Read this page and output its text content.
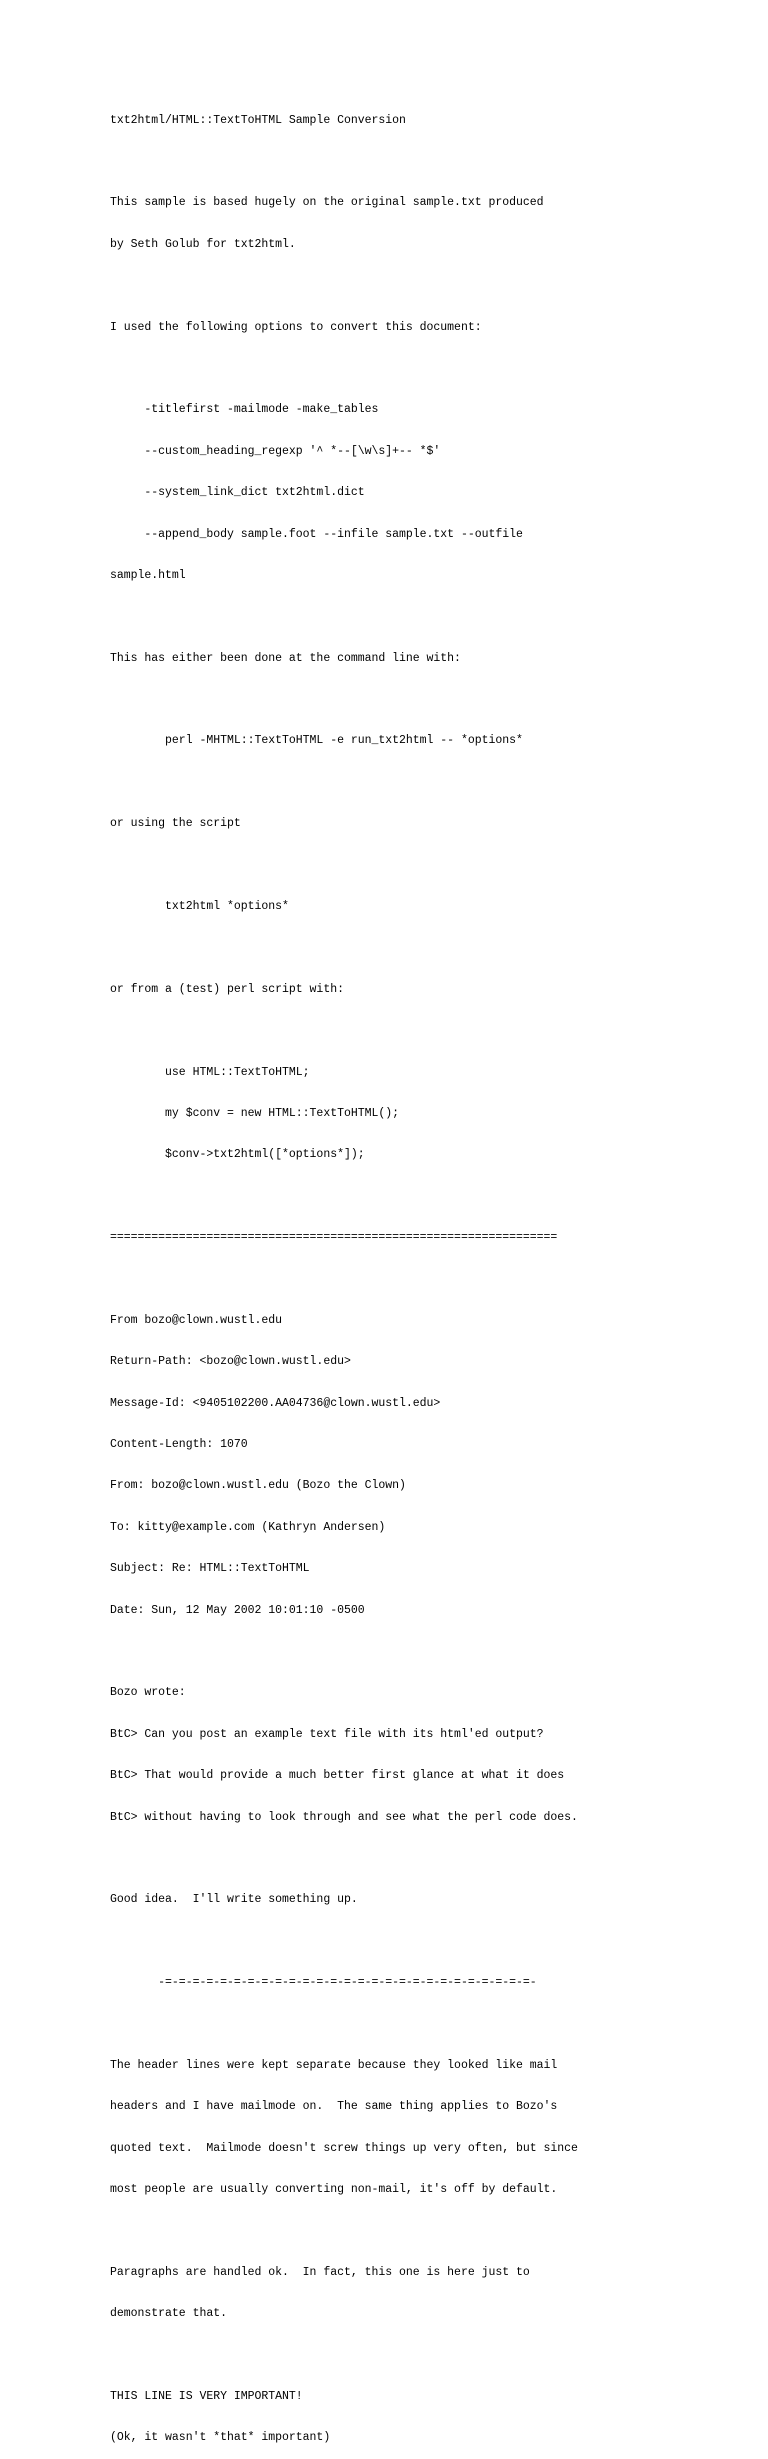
txt2html/HTML::TextToHTML Sample Conversion

This sample is based hugely on the original sample.txt produced

by Seth Golub for txt2html.

I used the following options to convert this document:

-titlefirst -mailmode -make_tables

--custom_heading_regexp '^ *--[\w\s]+-- *$'

--system_link_dict txt2html.dict

--append_body sample.foot --infile sample.txt --outfile

sample.html

This has either been done at the command line with:

perl -MHTML::TextToHTML -e run_txt2html -- *options*

or using the script

txt2html *options*

or from a (test) perl script with:

use HTML::TextToHTML;

my $conv = new HTML::TextToHTML();

$conv->txt2html([*options*]);

=================================================================

From bozo@clown.wustl.edu

Return-Path: <bozo@clown.wustl.edu>

Message-Id: <9405102200.AA04736@clown.wustl.edu>

Content-Length: 1070

From: bozo@clown.wustl.edu (Bozo the Clown)

To: kitty@example.com (Kathryn Andersen)

Subject: Re: HTML::TextToHTML

Date: Sun, 12 May 2002 10:01:10 -0500

Bozo wrote:

BtC> Can you post an example text file with its html'ed output?

BtC> That would provide a much better first glance at what it does

BtC> without having to look through and see what the perl code does.

Good idea.  I'll write something up.

-=-=-=-=-=-=-=-=-=-=-=-=-=-=-=-=-=-=-=-=-=-=-=-=-=-=-=-

The header lines were kept separate because they looked like mail

headers and I have mailmode on.  The same thing applies to Bozo's

quoted text.  Mailmode doesn't screw things up very often, but since

most people are usually converting non-mail, it's off by default.

Paragraphs are handled ok.  In fact, this one is here just to

demonstrate that.

THIS LINE IS VERY IMPORTANT!

(Ok, it wasn't *that* important)
